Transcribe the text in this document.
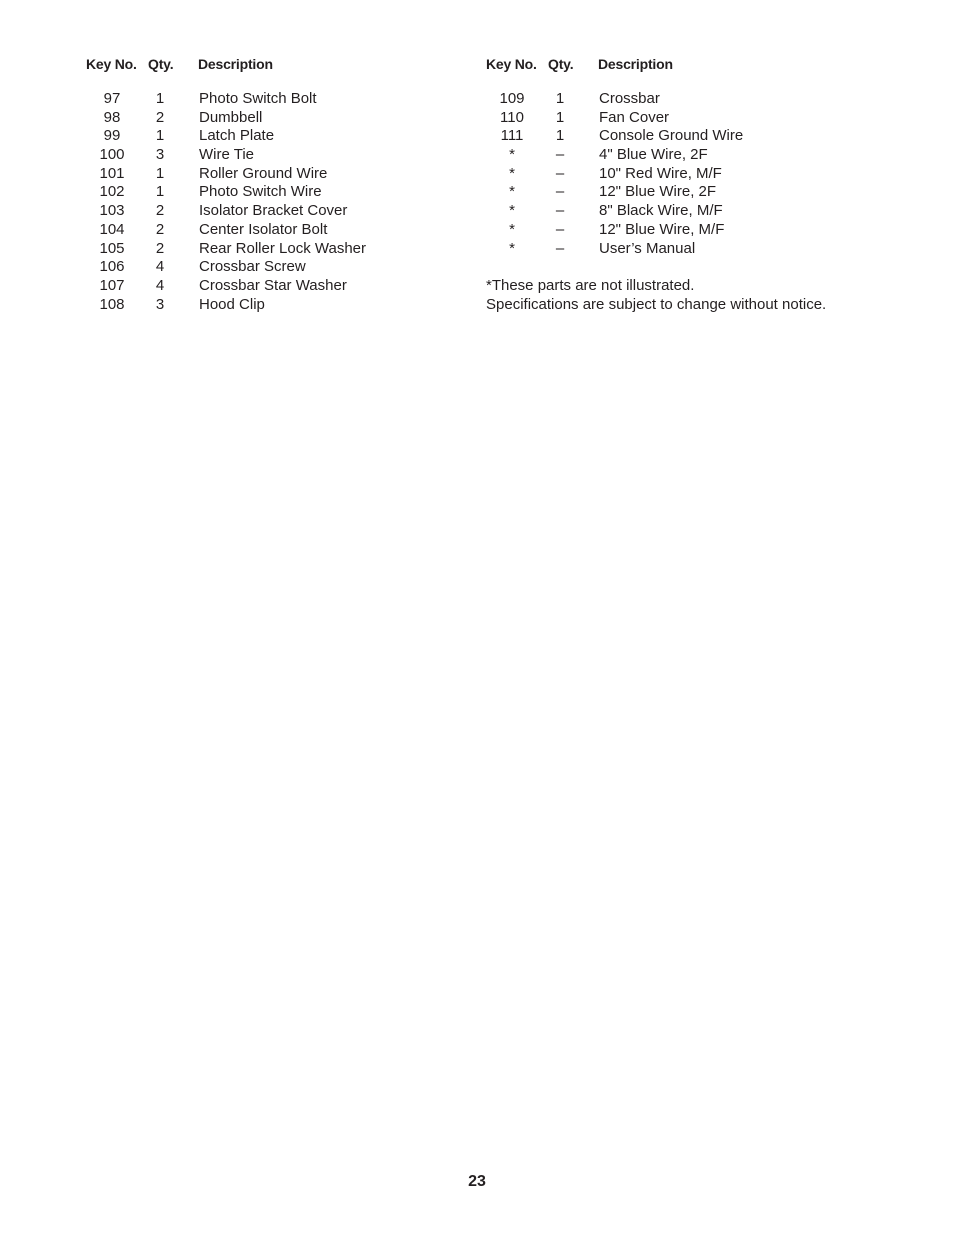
Key No. Qty. Description
97	1	Photo Switch Bolt
98	2	Dumbbell
99	1	Latch Plate
100	3	Wire Tie
101	1	Roller Ground Wire
102	1	Photo Switch Wire
103	2	Isolator Bracket Cover
104	2	Center Isolator Bolt
105	2	Rear Roller Lock Washer
106	4	Crossbar Screw
107	4	Crossbar Star Washer
108	3	Hood Clip
Key No. Qty. Description
109	1	Crossbar
110	1	Fan Cover
111	1	Console Ground Wire
*	–	4" Blue Wire, 2F
*	–	10" Red Wire, M/F
*	–	12" Blue Wire, 2F
*	–	8" Black Wire, M/F
*	–	12" Blue Wire, M/F
*	–	User’s Manual
*These parts are not illustrated.
Specifications are subject to change without notice.
23
